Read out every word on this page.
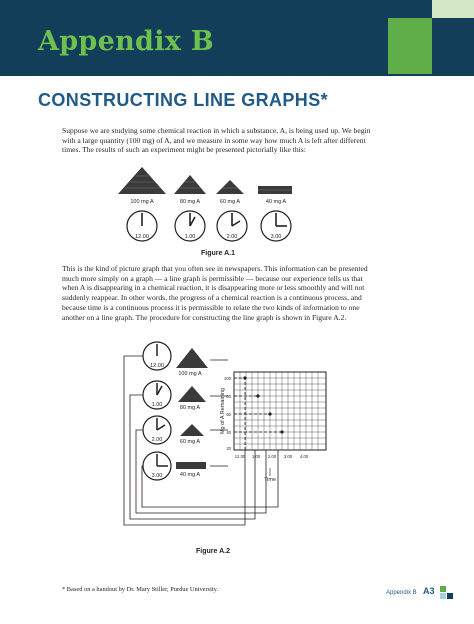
Appendix B
CONSTRUCTING LINE GRAPHS*
Suppose we are studying some chemical reaction in which a substance, A, is being used up. We begin with a large quantity (100 mg) of A, and we measure in some way how much A is left after different times. The results of such an experiment might be presented pictorially like this:
100 mg A	80 mg A	60 mg A	40 mg A
12.00	1.00	2.00	3.00
12.00
1.00
2.00
3.00
100 mg A
80 mg A
60 mg A
40 mg A
100
80
60
40
20
12.00 1.00 2.00 3.00 4.00
Mg of A Remaining
Time
Figure A.1
This is the kind of picture graph that you often see in newspapers. This information can be presented much more simply on a graph — a line graph is permissible — because our experience tells us that when A is disappearing in a chemical reaction, it is disappearing more or less smoothly and will not suddenly reappear. In other words, the progress of a chemical reaction is a continuous process, and because time is a continuous process it is permissible to relate the two kinds of information to one another on a line graph. The procedure for constructing the line graph is shown in Figure A.2.
Figure A.2
* Based on a handout by Dr. Mary Stiller, Purdue University.	Appendix B A3
